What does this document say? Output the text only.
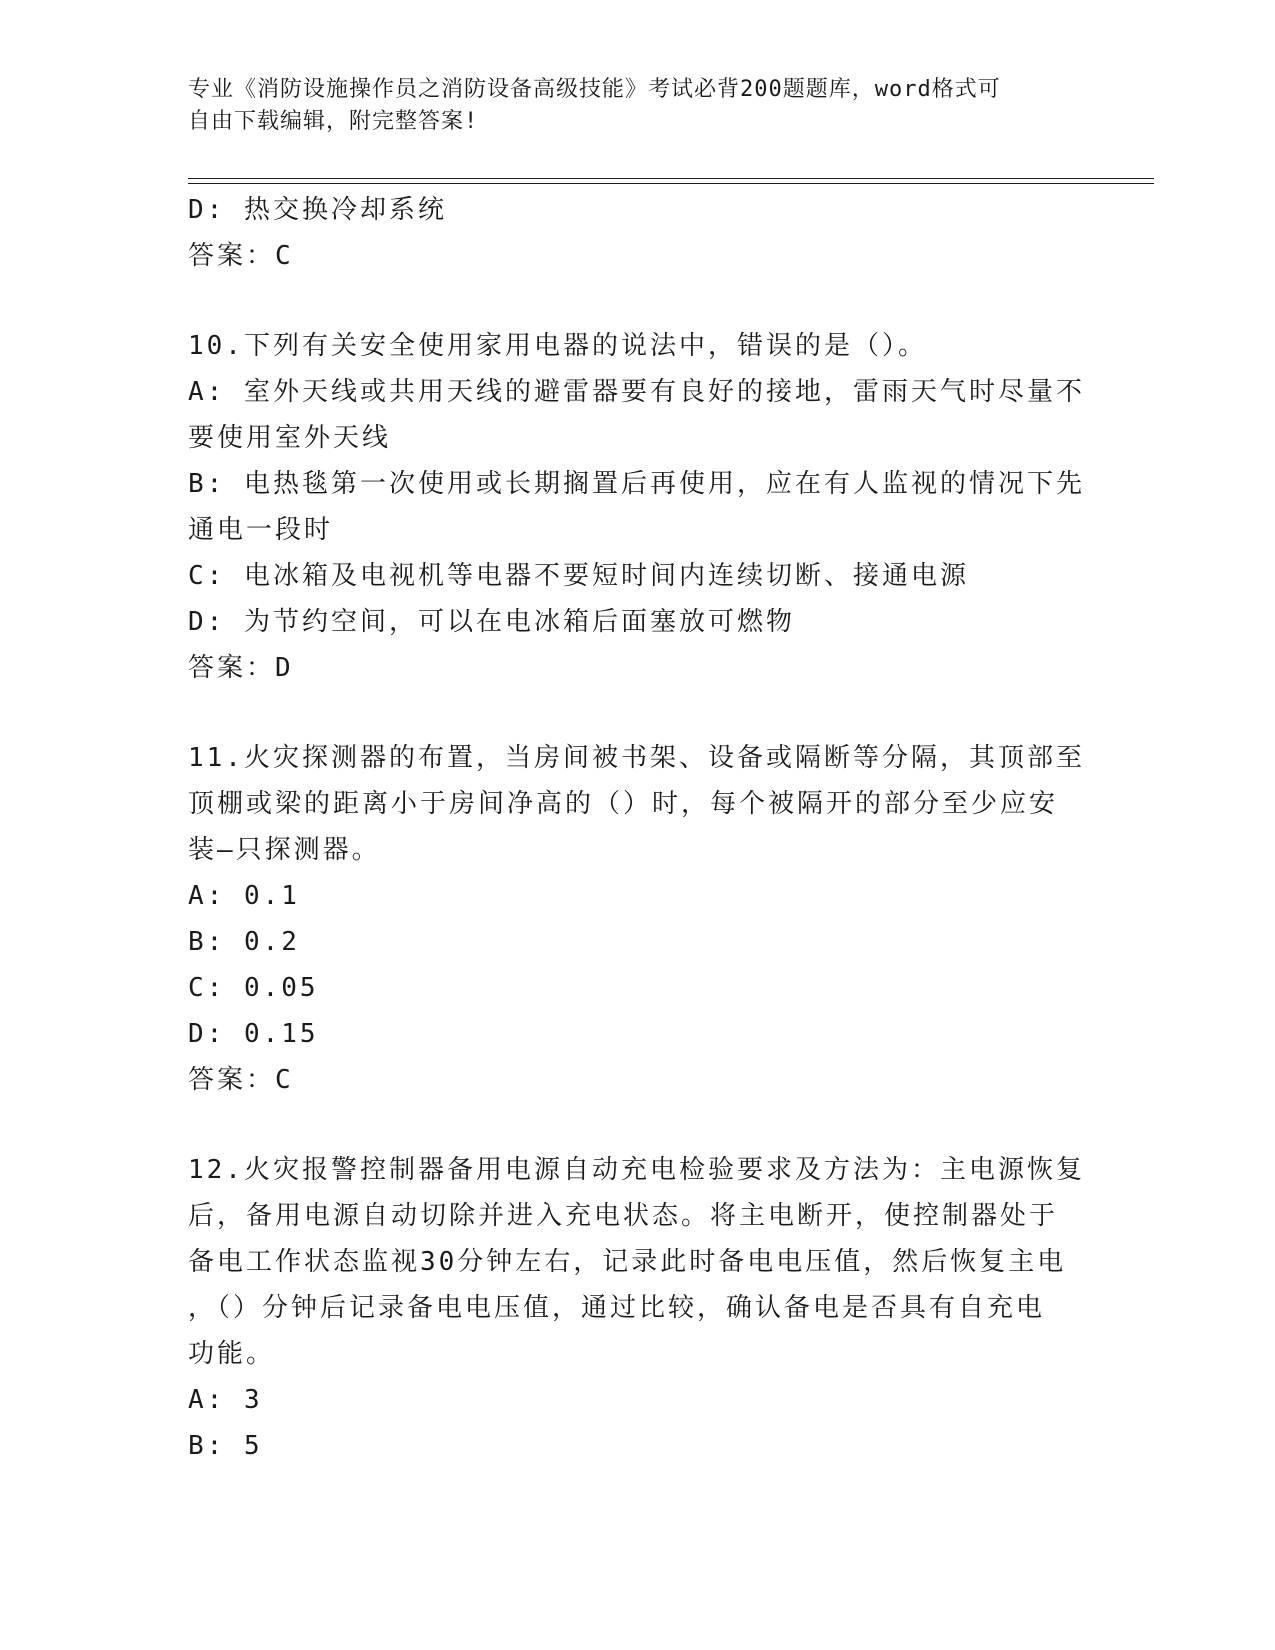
专业《消防设施操作员之消防设备高级技能》考试必背200题题库，word格式可
自由下载编辑，附完整答案!
D: 热交换冷却系统
答案：C
10.下列有关安全使用家用电器的说法中，错误的是（）。
A: 室外天线或共用天线的避雷器要有良好的接地，雷雨天气时尽量不
要使用室外天线
B: 电热毯第一次使用或长期搁置后再使用，应在有人监视的情况下先
通电一段时
C: 电冰箱及电视机等电器不要短时间内连续切断、接通电源
D: 为节约空间，可以在电冰箱后面塞放可燃物
答案：D
11.火灾探测器的布置，当房间被书架、设备或隔断等分隔，其顶部至
顶棚或梁的距离小于房间净高的（）时，每个被隔开的部分至少应安
装—只探测器。
A: 0.1
B: 0.2
C: 0.05
D: 0.15
答案：C
12.火灾报警控制器备用电源自动充电检验要求及方法为：主电源恢复
后，备用电源自动切除并进入充电状态。将主电断开，使控制器处于
备电工作状态监视30分钟左右，记录此时备电电压值，然后恢复主电
，（）分钟后记录备电电压值，通过比较，确认备电是否具有自充电
功能。
A: 3
B: 5
